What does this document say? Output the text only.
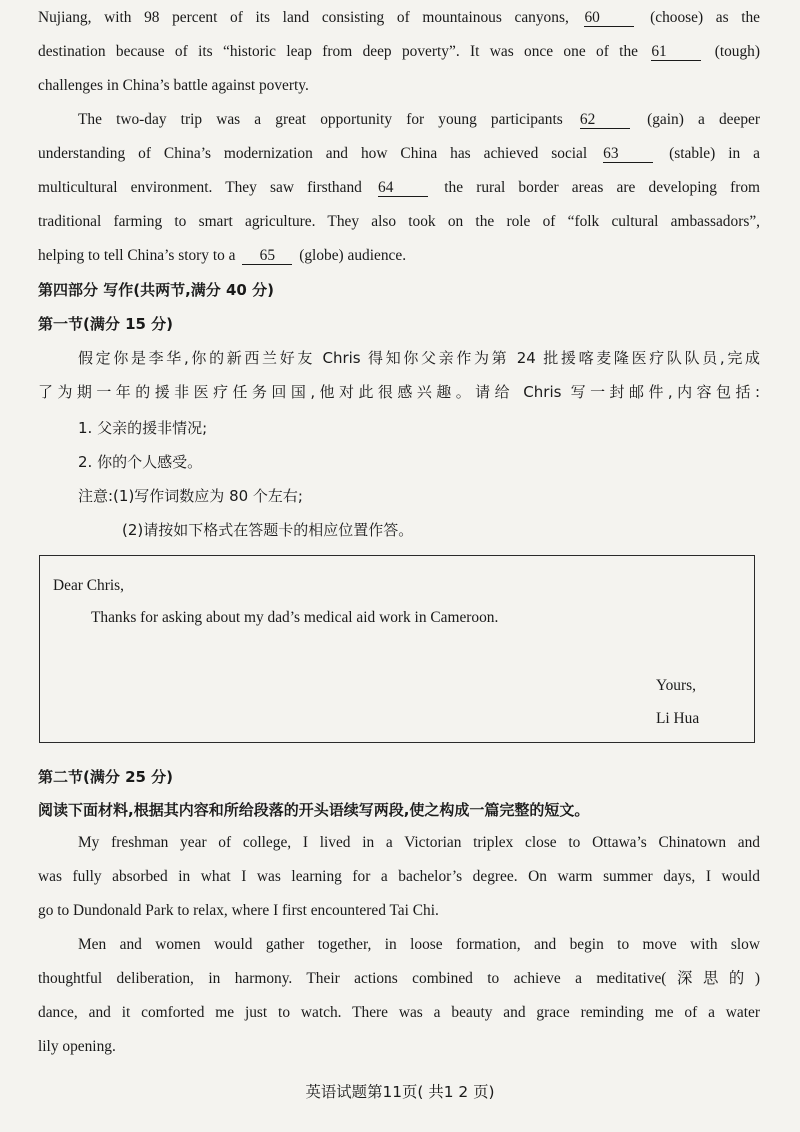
Nujiang, with 98 percent of its land consisting of mountainous canyons, 60	(choose) as the
destination because of its “historic leap from deep poverty”. It was once one of the 61	(tough)
challenges in China’s battle against poverty.
The two-day trip was a great opportunity for young participants 62	(gain) a deeper
understanding of China’s modernization and how China has achieved social 63	(stable) in a
multicultural environment. They saw firsthand 64	the rural border areas are developing from
traditional farming to smart agriculture. They also took on the role of “folk cultural ambassadors”,
helping to tell China’s story to a 65 (globe) audience.
第四部分 写作(共两节,满分 40 分)
第一节(满分 15 分)
假定你是李华,你的新西兰好友 Chris 得知你父亲作为第 24 批援喀麦隆医疗队队员,完成
了为期一年的援非医疗任务回国,他对此很感兴趣。请给 Chris 写一封邮件,内容包括:
1. 父亲的援非情况;
2. 你的个人感受。
注意:(1)写作词数应为 80 个左右;
(2)请按如下格式在答题卡的相应位置作答。
Dear Chris,
Thanks for asking about my dad’s medical aid work in Cameroon.
Yours,
Li Hua
第二节(满分 25 分)
阅读下面材料,根据其内容和所给段落的开头语续写两段,使之构成一篇完整的短文。
My freshman year of college, I lived in a Victorian triplex close to Ottawa’s Chinatown and
was fully absorbed in what I was learning for a bachelor’s degree. On warm summer days, I would
go to Dundonald Park to relax, where I first encountered Tai Chi.
Men and women would gather together, in loose formation, and begin to move with slow
thoughtful deliberation, in harmony. Their actions combined to achieve a meditative(深思的)
dance, and it comforted me just to watch. There was a beauty and grace reminding me of a water
lily opening.
英语试题第11页( 共1 2 页)
